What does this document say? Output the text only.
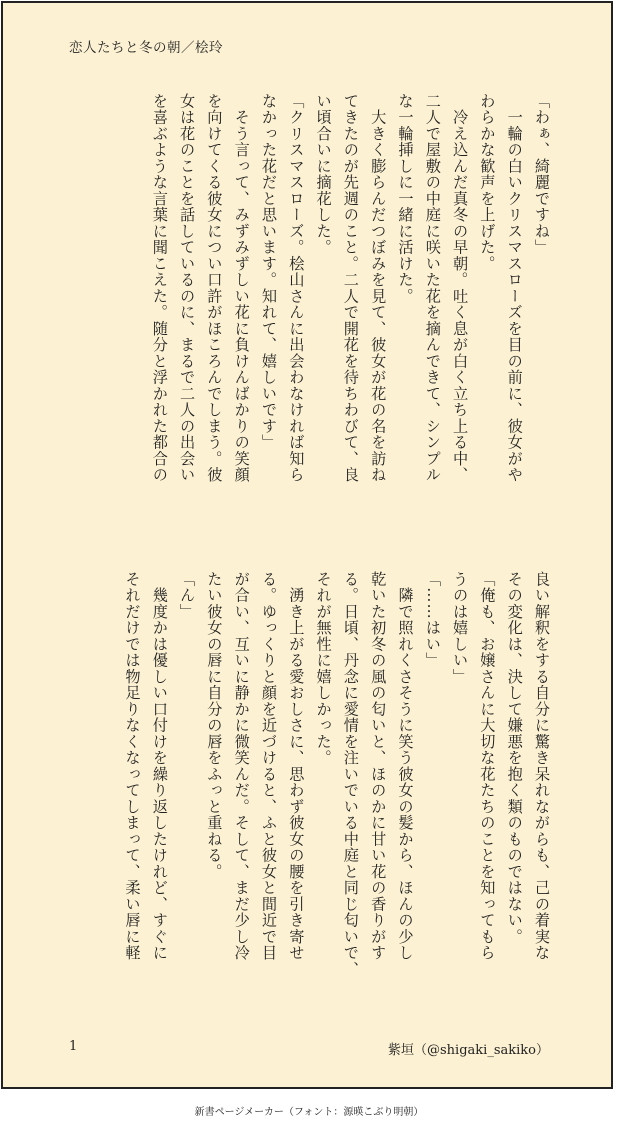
恋人たちと冬の朝／桧玲
「わぁ、綺麗ですね」
　一輪の白いクリスマスローズを目の前に、彼女がや
わらかな歓声を上げた。
　冷え込んだ真冬の早朝。吐く息が白く立ち上る中、
二人で屋敷の中庭に咲いた花を摘んできて、シンプル
な一輪挿しに一緒に活けた。
　大きく膨らんだつぼみを見て、彼女が花の名を訪ね
てきたのが先週のこと。二人で開花を待ちわびて、良
い頃合いに摘花した。
「クリスマスローズ。桧山さんに出会わなければ知ら
なかった花だと思います。知れて、嬉しいです」
　そう言って、みずみずしい花に負けんばかりの笑顔
を向けてくる彼女につい口許がほころんでしまう。彼
女は花のことを話しているのに、まるで二人の出会い
を喜ぶような言葉に聞こえた。随分と浮かれた都合の
良い解釈をする自分に驚き呆れながらも、己の着実な
その変化は、決して嫌悪を抱く類のものではない。
「俺も、お嬢さんに大切な花たちのことを知ってもら
うのは嬉しい」
「……はい」
　隣で照れくさそうに笑う彼女の髪から、ほんの少し
乾いた初冬の風の匂いと、ほのかに甘い花の香りがす
る。日頃、丹念に愛情を注いでいる中庭と同じ匂いで、
それが無性に嬉しかった。
　湧き上がる愛おしさに、思わず彼女の腰を引き寄せ
る。ゆっくりと顔を近づけると、ふと彼女と間近で目
が合い、互いに静かに微笑んだ。そして、まだ少し冷
たい彼女の唇に自分の唇をふっと重ねる。
「ん」
　幾度かは優しい口付けを繰り返したけれど、すぐに
それだけでは物足りなくなってしまって、柔い唇に軽
1	紫垣（@shigaki_sakiko）
新書ページメーカー（フォント：源暎こぶり明朝）
